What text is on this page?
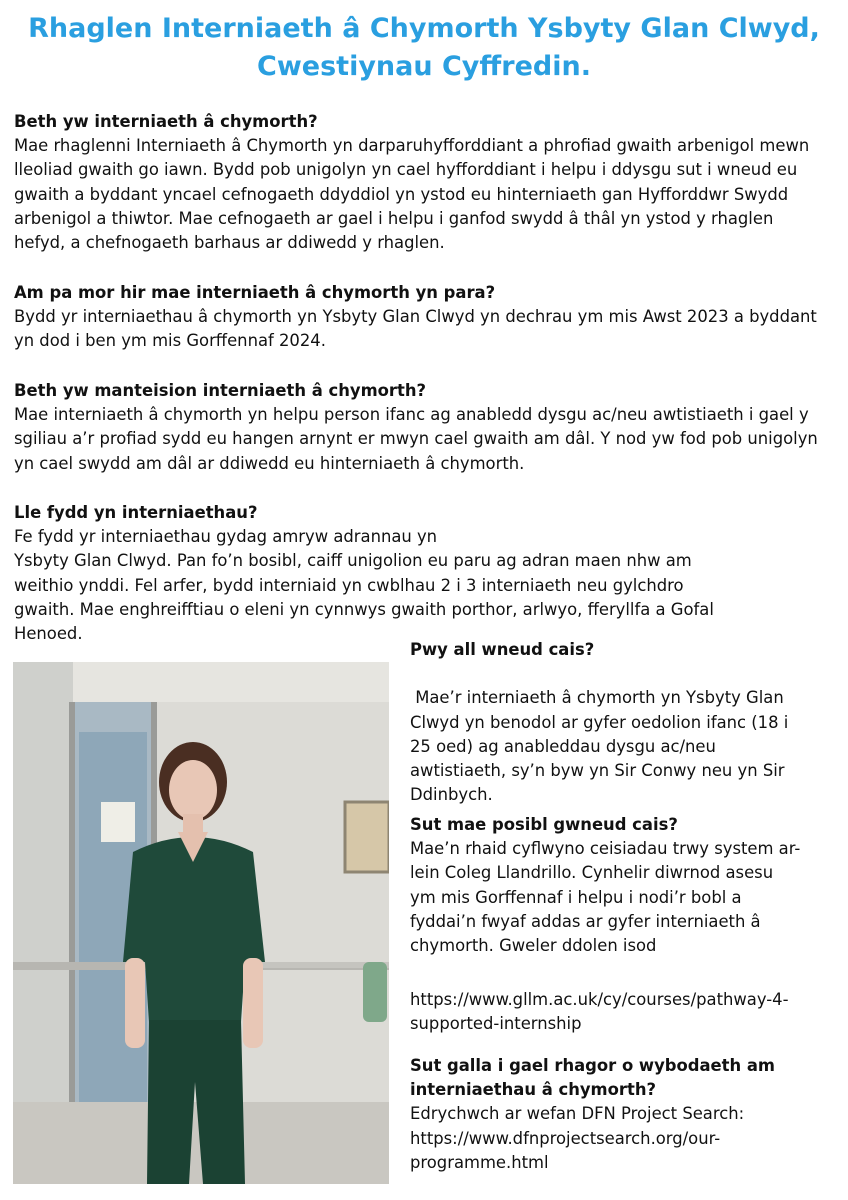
Rhaglen Interniaeth â Chymorth Ysbyty Glan Clwyd,
Cwestiynau Cyffredin.

Beth yw interniaeth â chymorth?

Mae rhaglenni Interniaeth â Chymorth yn darparuhyfforddiant a phrofiad gwaith arbenigol mewn
lleoliad gwaith go iawn. Bydd pob unigolyn yn cael hyfforddiant i helpu i ddysgu sut i wneud eu
gwaith a byddant yncael cefnogaeth ddyddiol yn ystod eu hinterniaeth gan Hyfforddwr Swydd
arbenigol a thiwtor. Mae cefnogaeth ar gael i helpu i ganfod swydd â thâl yn ystod y rhaglen
hefyd, a chefnogaeth barhaus ar ddiwedd y rhaglen.

Am pa mor hir mae interniaeth â chymorth yn para?

Bydd yr interniaethau â chymorth yn Ysbyty Glan Clwyd yn dechrau ym mis Awst 2023 a byddant
yn dod i ben ym mis Gorffennaf 2024.

Beth yw manteision interniaeth â chymorth?

Mae interniaeth â chymorth yn helpu person ifanc ag anabledd dysgu ac/neu awtistiaeth i gael y
sgiliau a’r profiad sydd eu hangen arnynt er mwyn cael gwaith am dâl. Y nod yw fod pob unigolyn
yn cael swydd am dâl ar ddiwedd eu hinterniaeth â chymorth.

Lle fydd yn interniaethau?

Fe fydd yr interniaethau gydag amryw adrannau yn
Ysbyty Glan Clwyd. Pan fo’n bosibl, caiff unigolion eu paru ag adran maen nhw am
weithio ynddi. Fel arfer, bydd interniaid yn cwblhau 2 i 3 interniaeth neu gylchdro
gwaith. Mae enghreifftiau o eleni yn cynnwys gwaith porthor, arlwyo, fferyllfa a Gofal
Henoed.

Pwy all wneud cais?

Mae’r interniaeth â chymorth yn Ysbyty Glan
Clwyd yn benodol ar gyfer oedolion ifanc (18 i
25 oed) ag anableddau dysgu ac/neu
awtistiaeth, sy’n byw yn Sir Conwy neu yn Sir
Ddinbych.

Sut mae posibl gwneud cais?

Mae’n rhaid cyflwyno ceisiadau trwy system ar-
lein Coleg Llandrillo. Cynhelir diwrnod asesu
ym mis Gorffennaf i helpu i nodi’r bobl a
fyddai’n fwyaf addas ar gyfer interniaeth â
chymorth. Gweler ddolen isod

https://www.gllm.ac.uk/cy/courses/pathway-4-
supported-internship

Sut galla i gael rhagor o wybodaeth am interniaethau â chymorth?

Edrychwch ar wefan DFN Project Search:
https://www.dfnprojectsearch.org/our-
programme.html
